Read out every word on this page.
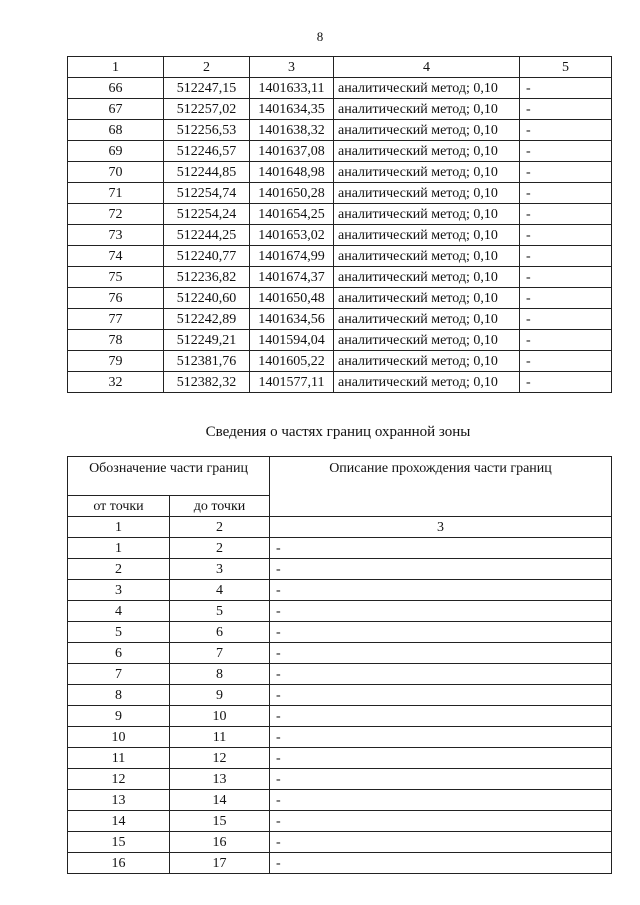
8
1	2	3	4	5
66	512247,15	1401633,11	аналитический метод; 0,10	-
67	512257,02	1401634,35	аналитический метод; 0,10	-
68	512256,53	1401638,32	аналитический метод; 0,10	-
69	512246,57	1401637,08	аналитический метод; 0,10	-
70	512244,85	1401648,98	аналитический метод; 0,10	-
71	512254,74	1401650,28	аналитический метод; 0,10	-
72	512254,24	1401654,25	аналитический метод; 0,10	-
73	512244,25	1401653,02	аналитический метод; 0,10	-
74	512240,77	1401674,99	аналитический метод; 0,10	-
75	512236,82	1401674,37	аналитический метод; 0,10	-
76	512240,60	1401650,48	аналитический метод; 0,10	-
77	512242,89	1401634,56	аналитический метод; 0,10	-
78	512249,21	1401594,04	аналитический метод; 0,10	-
79	512381,76	1401605,22	аналитический метод; 0,10	-
32	512382,32	1401577,11	аналитический метод; 0,10	-
Сведения о частях границ охранной зоны
Обозначение части границ		Описание прохождения части границ
от точки	до точки	
1	2	3
1	2	-
2	3	-
3	4	-
4	5	-
5	6	-
6	7	-
7	8	-
8	9	-
9	10	-
10	11	-
11	12	-
12	13	-
13	14	-
14	15	-
15	16	-
16	17	-
